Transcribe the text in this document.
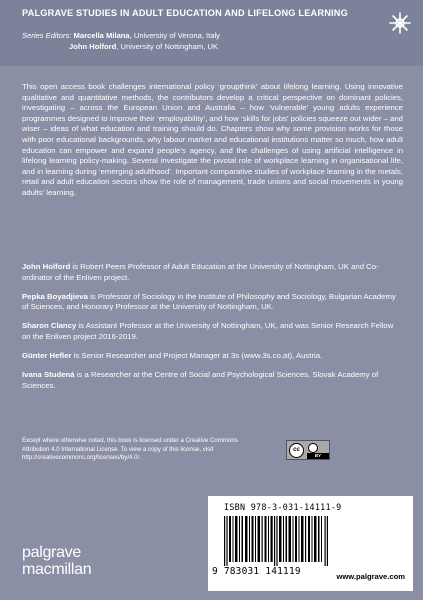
PALGRAVE STUDIES IN ADULT EDUCATION AND LIFELONG LEARNING
Series Editors: Marcella Milana, University of Verona, Italy
John Holford, University of Nottingham, UK

This open access book challenges international policy ‘groupthink’ about lifelong learning. Using innovative qualitative and quantitative methods, the contributors develop a critical perspective on dominant policies, investigating – across the European Union and Australia – how ‘vulnerable’ young adults experience programmes designed to improve their ‘employability’, and how ‘skills for jobs’ policies squeeze out wider – and wiser – ideas of what education and training should do. Chapters show why some provision works for those with poor educational backgrounds, why labour market and educational institutions matter so much, how adult education can empower and expand people’s agency, and the challenges of using artificial intelligence in lifelong learning policy-making. Several investigate the pivotal role of workplace learning in organisational life, and in learning during ‘emerging adulthood’. Important comparative studies of workplace learning in the metals, retail and adult education sectors show the role of management, trade unions and social movements in young adults’ learning.

John Holford is Robert Peers Professor of Adult Education at the University of Nottingham, UK and Co-ordinator of the Enliven project.

Pepka Boyadjieva is Professor of Sociology in the Institute of Philosophy and Sociology, Bulgarian Academy of Sciences, and Honorary Professor at the University of Nottingham, UK.

Sharon Clancy is Assistant Professor at the University of Nottingham, UK, and was Senior Research Fellow on the Enliven project 2016-2019.

Günter Hefler is Senior Researcher and Project Manager at 3s (www.3s.co.at), Austria.

Ivana Studená is a Researcher at the Centre of Social and Psychological Sciences, Slovak Academy of Sciences.

Except where otherwise noted, this book is licensed under a Creative Commons Attribution 4.0 International License. To view a copy of this license, visit http://creativecommons.org/licenses/by/4.0/.

cc
BY
ISBN 978-3-031-14111-9
9 783031 141119	www.palgrave.com
palgrave
macmillan
